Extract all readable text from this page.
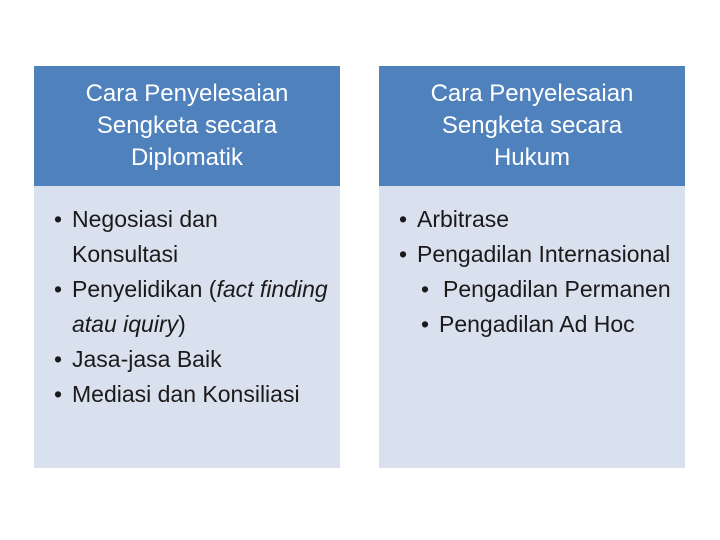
Cara Penyelesaian
Sengketa secara
Diplomatik
• Negosiasi dan Konsultasi
• Penyelidikan (fact finding atau iquiry)
• Jasa-jasa Baik
• Mediasi dan Konsiliasi
Cara Penyelesaian
Sengketa secara
Hukum
• Arbitrase
• Pengadilan Internasional
• Pengadilan Permanen
• Pengadilan Ad Hoc
